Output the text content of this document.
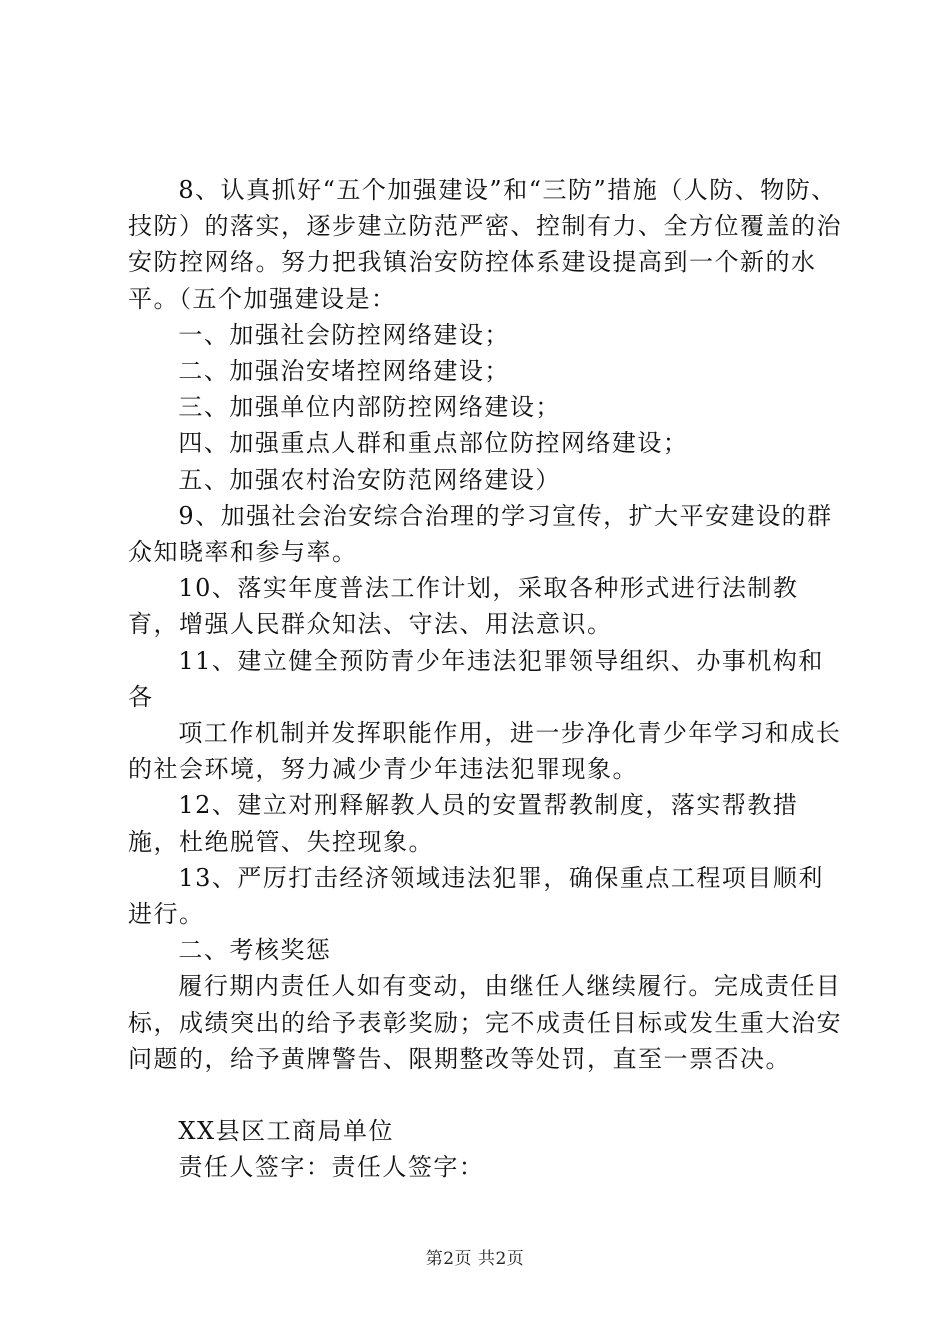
8、认真抓好“五个加强建设”和“三防”措施（人防、物防、技防）的落实，逐步建立防范严密、控制有力、全方位覆盖的治安防控网络。努力把我镇治安防控体系建设提高到一个新的水平。（五个加强建设是：

一、加强社会防控网络建设；

二、加强治安堵控网络建设；

三、加强单位内部防控网络建设；

四、加强重点人群和重点部位防控网络建设；

五、加强农村治安防范网络建设）

9、加强社会治安综合治理的学习宣传，扩大平安建设的群众知晓率和参与率。

10、落实年度普法工作计划，采取各种形式进行法制教育，增强人民群众知法、守法、用法意识。

11、建立健全预防青少年违法犯罪领导组织、办事机构和各

项工作机制并发挥职能作用，进一步净化青少年学习和成长的社会环境，努力减少青少年违法犯罪现象。

12、建立对刑释解教人员的安置帮教制度，落实帮教措施，杜绝脱管、失控现象。

13、严厉打击经济领域违法犯罪，确保重点工程项目顺利进行。

二、考核奖惩

履行期内责任人如有变动，由继任人继续履行。完成责任目标，成绩突出的给予表彰奖励；完不成责任目标或发生重大治安问题的，给予黄牌警告、限期整改等处罚，直至一票否决。

XX县区工商局单位

责任人签字：责任人签字：

第2页 共2页
